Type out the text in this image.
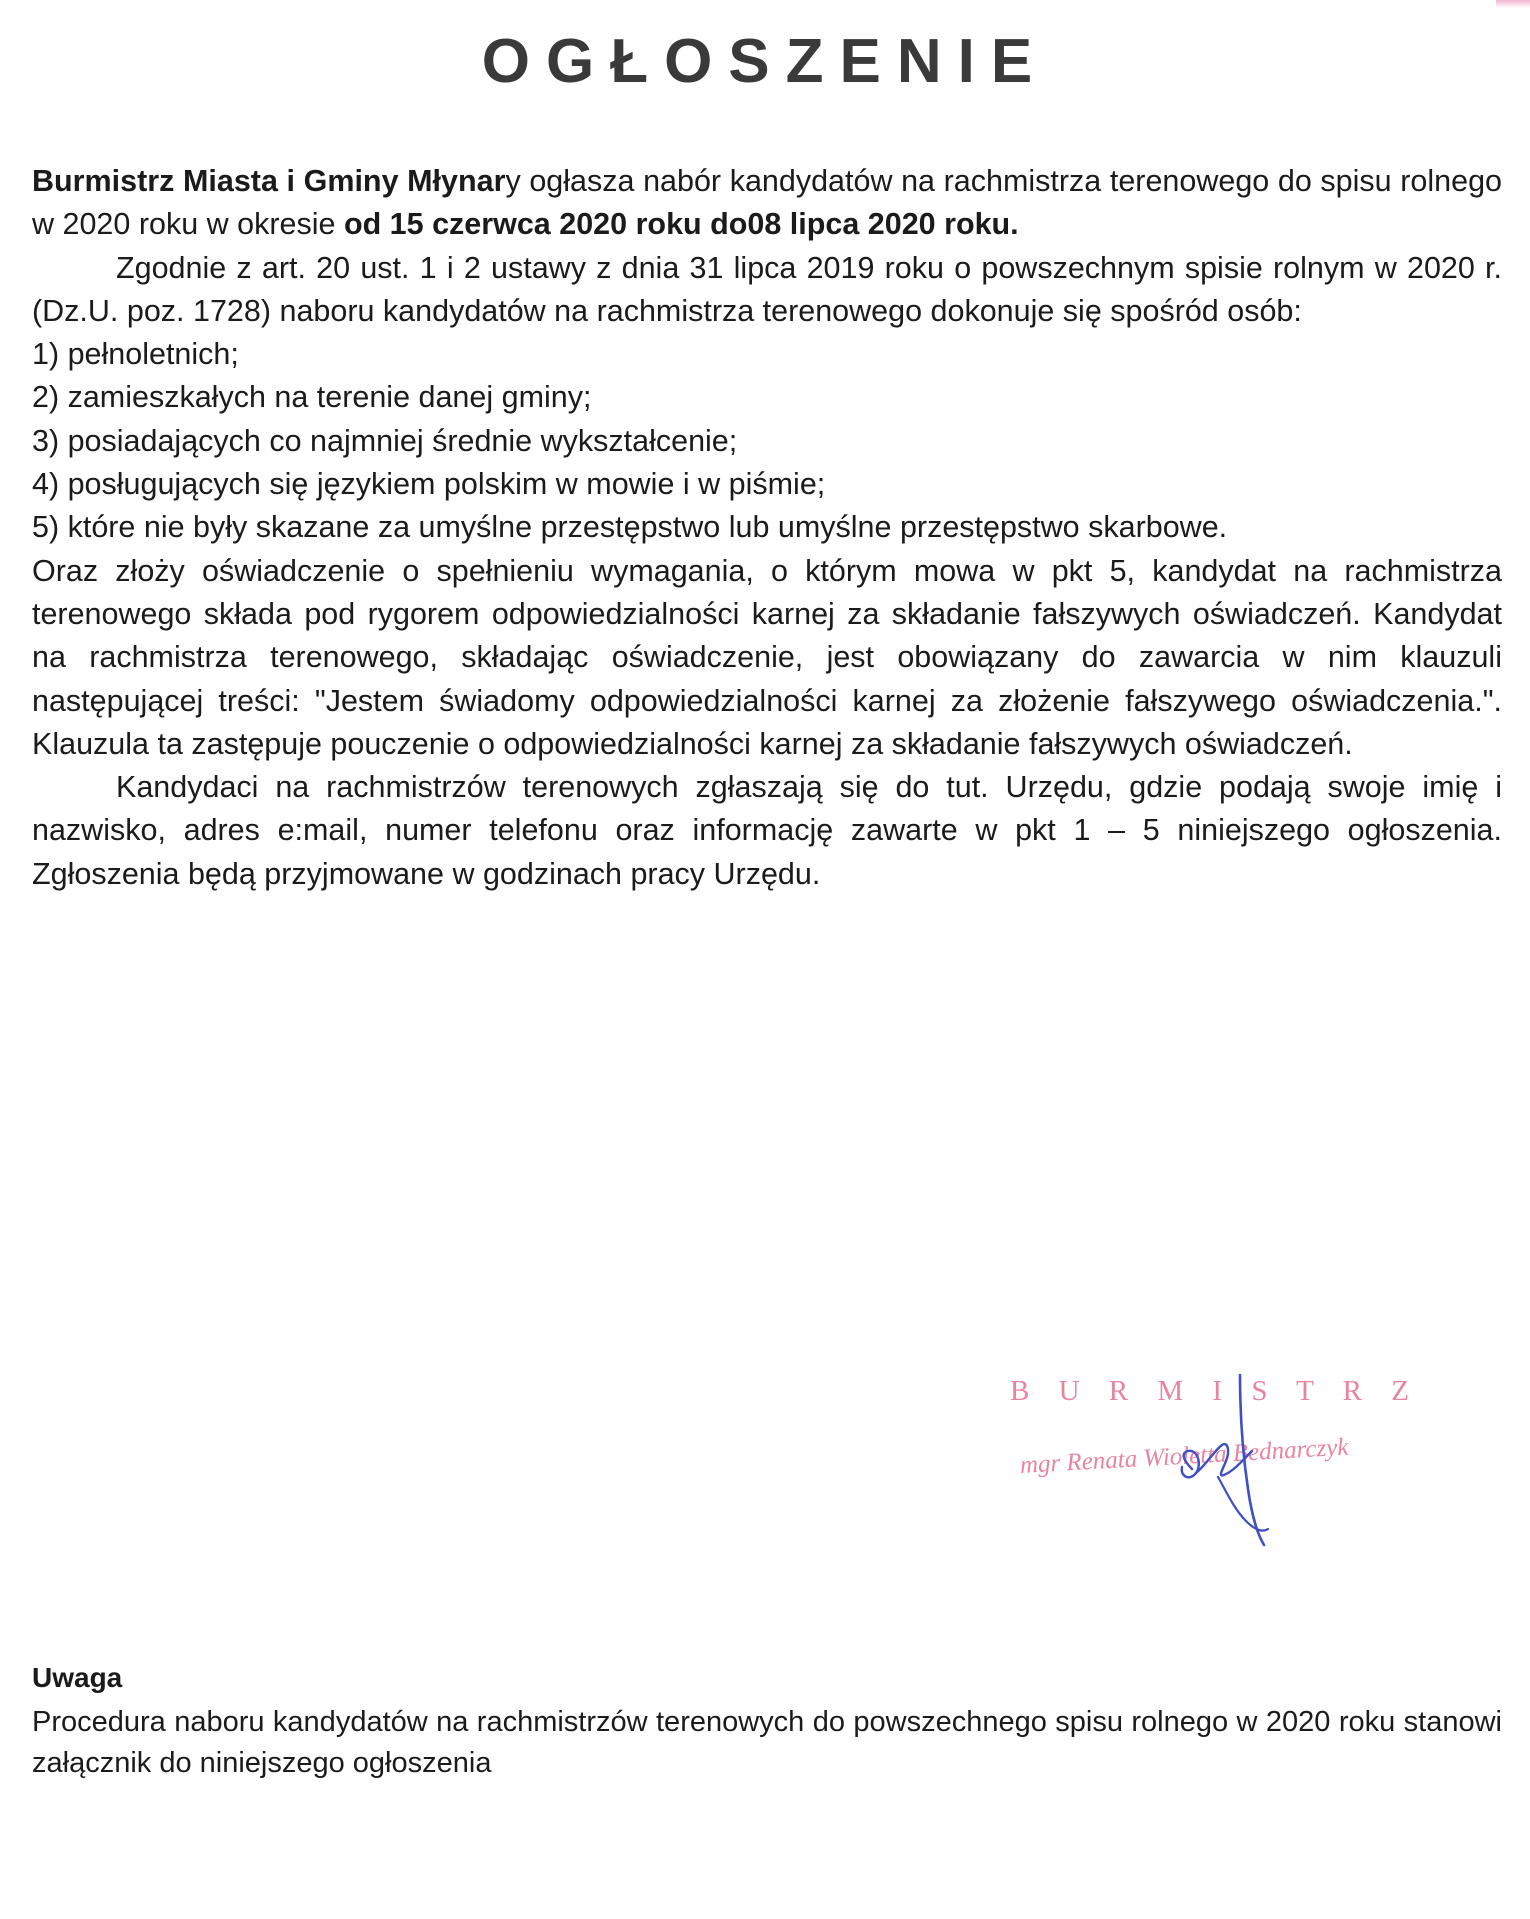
OGŁOSZENIE

Burmistrz Miasta i Gminy Młynary ogłasza nabór kandydatów na rachmistrza terenowego do spisu rolnego w 2020 roku w okresie od 15 czerwca 2020 roku do08 lipca 2020 roku.

Zgodnie z art. 20 ust. 1 i 2 ustawy z dnia 31 lipca 2019 roku o powszechnym spisie rolnym w 2020 r. (Dz.U. poz. 1728) naboru kandydatów na rachmistrza terenowego dokonuje się spośród osób:

1) pełnoletnich;

2) zamieszkałych na terenie danej gminy;

3) posiadających co najmniej średnie wykształcenie;

4) posługujących się językiem polskim w mowie i w piśmie;

5) które nie były skazane za umyślne przestępstwo lub umyślne przestępstwo skarbowe.

Oraz złoży oświadczenie o spełnieniu wymagania, o którym mowa w pkt 5, kandydat na rachmistrza terenowego składa pod rygorem odpowiedzialności karnej za składanie fałszywych oświadczeń. Kandydat na rachmistrza terenowego, składając oświadczenie, jest obowiązany do zawarcia w nim klauzuli następującej treści: "Jestem świadomy odpowiedzialności karnej za złożenie fałszywego oświadczenia.". Klauzula ta zastępuje pouczenie o odpowiedzialności karnej za składanie fałszywych oświadczeń.

Kandydaci na rachmistrzów terenowych zgłaszają się do tut. Urzędu, gdzie podają swoje imię i nazwisko, adres e:mail, numer telefonu oraz informację zawarte w pkt 1 – 5 niniejszego ogłoszenia. Zgłoszenia będą przyjmowane w godzinach pracy Urzędu.

B U R M I S T R Z
mgr Renata Wioletta Bednarczyk
Uwaga
Procedura naboru kandydatów na rachmistrzów terenowych do powszechnego spisu rolnego w 2020 roku stanowi załącznik do niniejszego ogłoszenia
